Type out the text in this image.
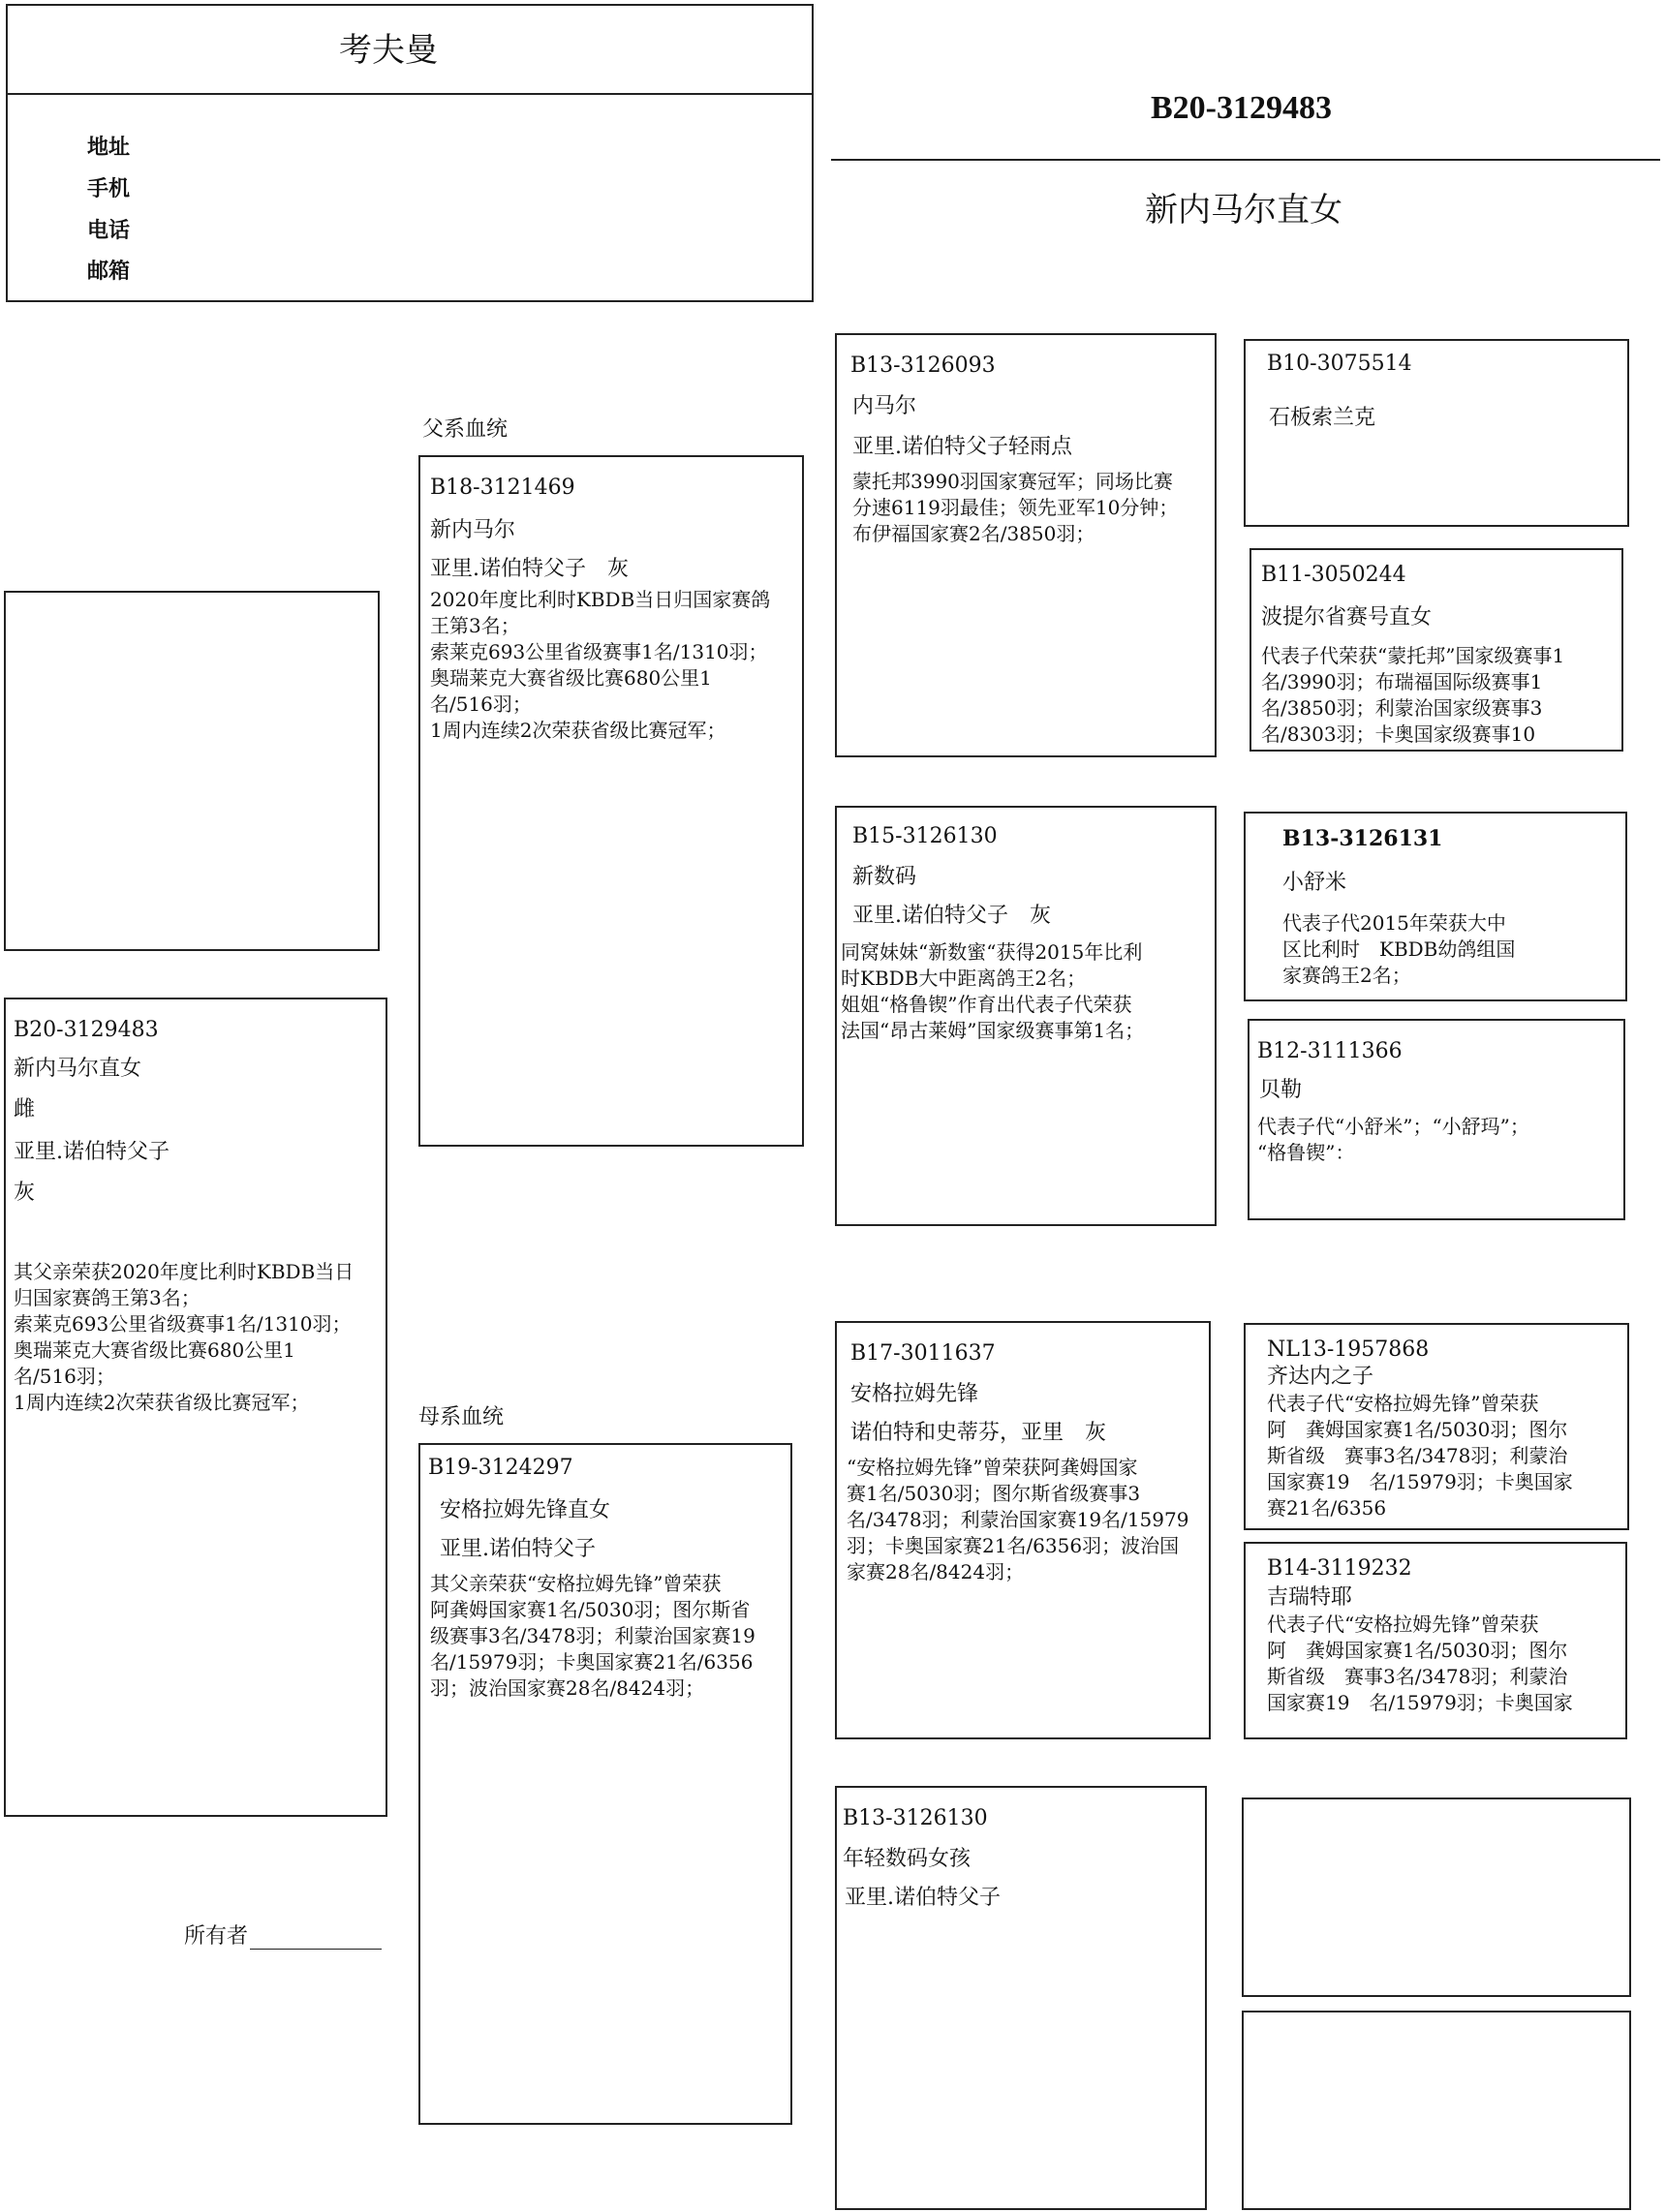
考夫曼
地址
手机
电话
邮箱
B20-3129483
新内马尔直女
B20-3129483
新内马尔直女
雌
亚里.诺伯特父子
灰
其父亲荣获2020年度比利时KBDB当日
归国家赛鸽王第3名；
索莱克693公里省级赛事1名/1310羽；
奥瑞莱克大赛省级比赛680公里1
名/516羽；
1周内连续2次荣获省级比赛冠军；
所有者
父系血统
母系血统
B18-3121469
新内马尔
亚里.诺伯特父子　灰
2020年度比利时KBDB当日归国家赛鸽
王第3名；
索莱克693公里省级赛事1名/1310羽；
奥瑞莱克大赛省级比赛680公里1
名/516羽；
1周内连续2次荣获省级比赛冠军；
B19-3124297
安格拉姆先锋直女
亚里.诺伯特父子
其父亲荣获“安格拉姆先锋”曾荣获
阿龚姆国家赛1名/5030羽；图尔斯省
级赛事3名/3478羽；利蒙治国家赛19
名/15979羽；卡奥国家赛21名/6356
羽；波治国家赛28名/8424羽；
B13-3126093
内马尔
亚里.诺伯特父子轻雨点
蒙托邦3990羽国家赛冠军；同场比赛
分速6119羽最佳；领先亚军10分钟；
布伊福国家赛2名/3850羽；
B15-3126130
新数码
亚里.诺伯特父子　灰
同窝妹妹“新数蜜“获得2015年比利
时KBDB大中距离鸽王2名；
姐姐“格鲁锲”作育出代表子代荣获
法国“昂古莱姆”国家级赛事第1名；
B17-3011637
安格拉姆先锋
诺伯特和史蒂芬，亚里　灰
“安格拉姆先锋”曾荣获阿龚姆国家
赛1名/5030羽；图尔斯省级赛事3
名/3478羽；利蒙治国家赛19名/15979
羽；卡奥国家赛21名/6356羽；波治国
家赛28名/8424羽；
B13-3126130
年轻数码女孩
亚里.诺伯特父子
B10-3075514
石板索兰克
B11-3050244
波提尔省赛号直女
代表子代荣获“蒙托邦”国家级赛事1
名/3990羽；布瑞福国际级赛事1
名/3850羽；利蒙治国家级赛事3
名/8303羽；卡奥国家级赛事10
B13-3126131
小舒米
代表子代2015年荣获大中
区比利时　KBDB幼鸽组国
家赛鸽王2名；
B12-3111366
贝勒
代表子代“小舒米”；“小舒玛”；
“格鲁锲”：
NL13-1957868
齐达内之子
代表子代“安格拉姆先锋”曾荣获
阿　龚姆国家赛1名/5030羽；图尔
斯省级　赛事3名/3478羽；利蒙治
国家赛19　名/15979羽；卡奥国家
赛21名/6356
B14-3119232
吉瑞特耶
代表子代“安格拉姆先锋”曾荣获
阿　龚姆国家赛1名/5030羽；图尔
斯省级　赛事3名/3478羽；利蒙治
国家赛19　名/15979羽；卡奥国家
